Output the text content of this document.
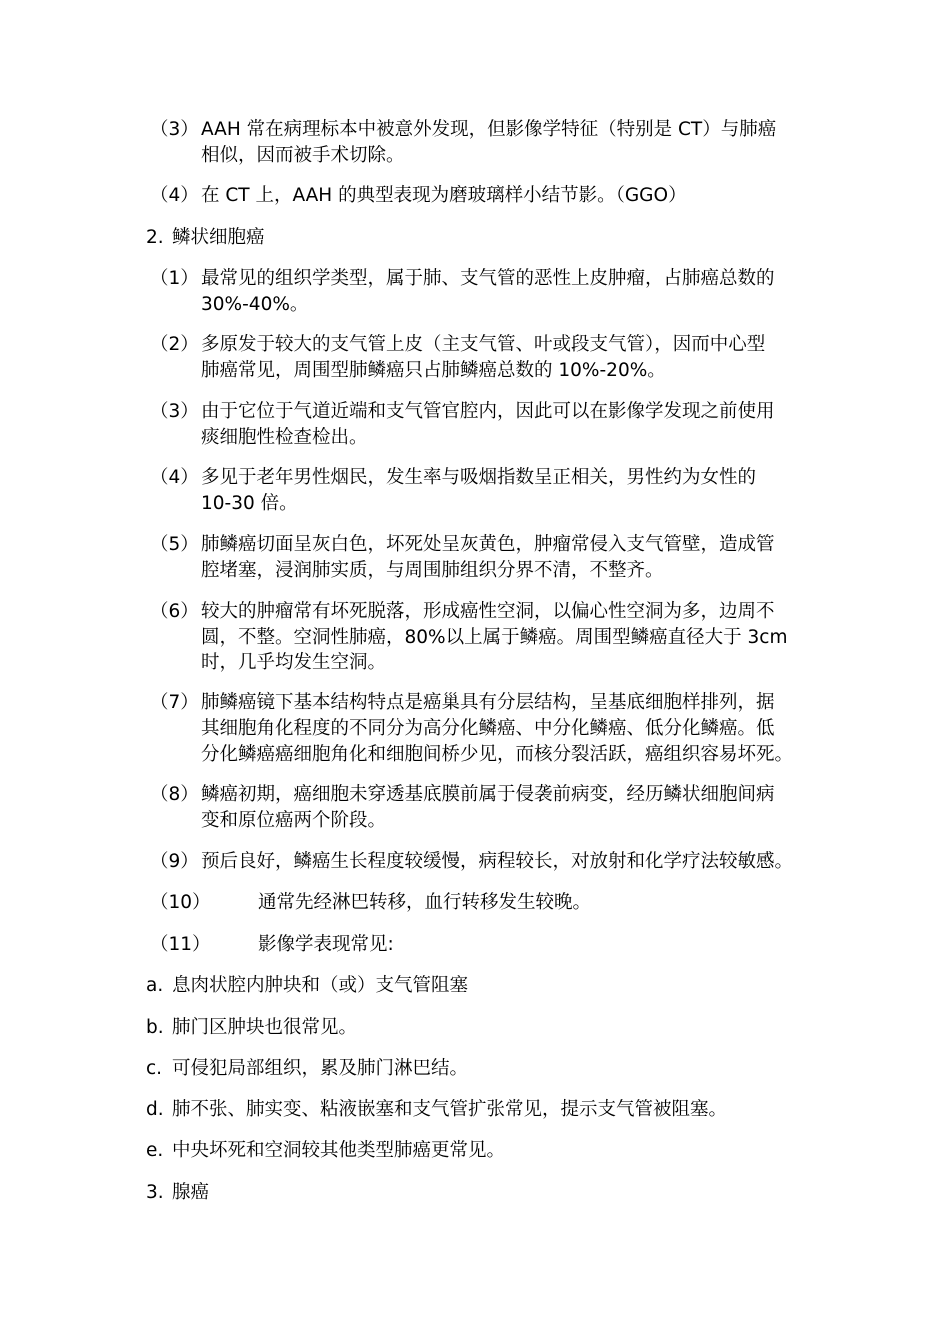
（3） AAH 常在病理标本中被意外发现，但影像学特征（特别是 CT）与肺癌
相似，因而被手术切除。
（4） 在 CT 上，AAH 的典型表现为磨玻璃样小结节影。（GGO）
2. 鳞状细胞癌
（1） 最常见的组织学类型，属于肺、支气管的恶性上皮肿瘤，占肺癌总数的
30%-40%。
（2） 多原发于较大的支气管上皮（主支气管、叶或段支气管），因而中心型
肺癌常见，周围型肺鳞癌只占肺鳞癌总数的 10%-20%。
（3） 由于它位于气道近端和支气管官腔内，因此可以在影像学发现之前使用
痰细胞性检查检出。
（4） 多见于老年男性烟民，发生率与吸烟指数呈正相关，男性约为女性的
10-30 倍。
（5） 肺鳞癌切面呈灰白色，坏死处呈灰黄色，肿瘤常侵入支气管壁，造成管
腔堵塞，浸润肺实质，与周围肺组织分界不清，不整齐。
（6） 较大的肿瘤常有坏死脱落，形成癌性空洞，以偏心性空洞为多，边周不
圆，不整。空洞性肺癌，80%以上属于鳞癌。周围型鳞癌直径大于 3cm
时，几乎均发生空洞。
（7） 肺鳞癌镜下基本结构特点是癌巢具有分层结构，呈基底细胞样排列，据
其细胞角化程度的不同分为高分化鳞癌、中分化鳞癌、低分化鳞癌。低
分化鳞癌癌细胞角化和细胞间桥少见，而核分裂活跃，癌组织容易坏死。
（8） 鳞癌初期，癌细胞未穿透基底膜前属于侵袭前病变，经历鳞状细胞间病
变和原位癌两个阶段。
（9） 预后良好，鳞癌生长程度较缓慢，病程较长，对放射和化学疗法较敏感。
（10）	通常先经淋巴转移，血行转移发生较晚。
（11）	影像学表现常见:
a. 息肉状腔内肿块和（或）支气管阻塞
b. 肺门区肿块也很常见。
c. 可侵犯局部组织，累及肺门淋巴结。
d. 肺不张、肺实变、粘液嵌塞和支气管扩张常见，提示支气管被阻塞。
e. 中央坏死和空洞较其他类型肺癌更常见。
3. 腺癌
